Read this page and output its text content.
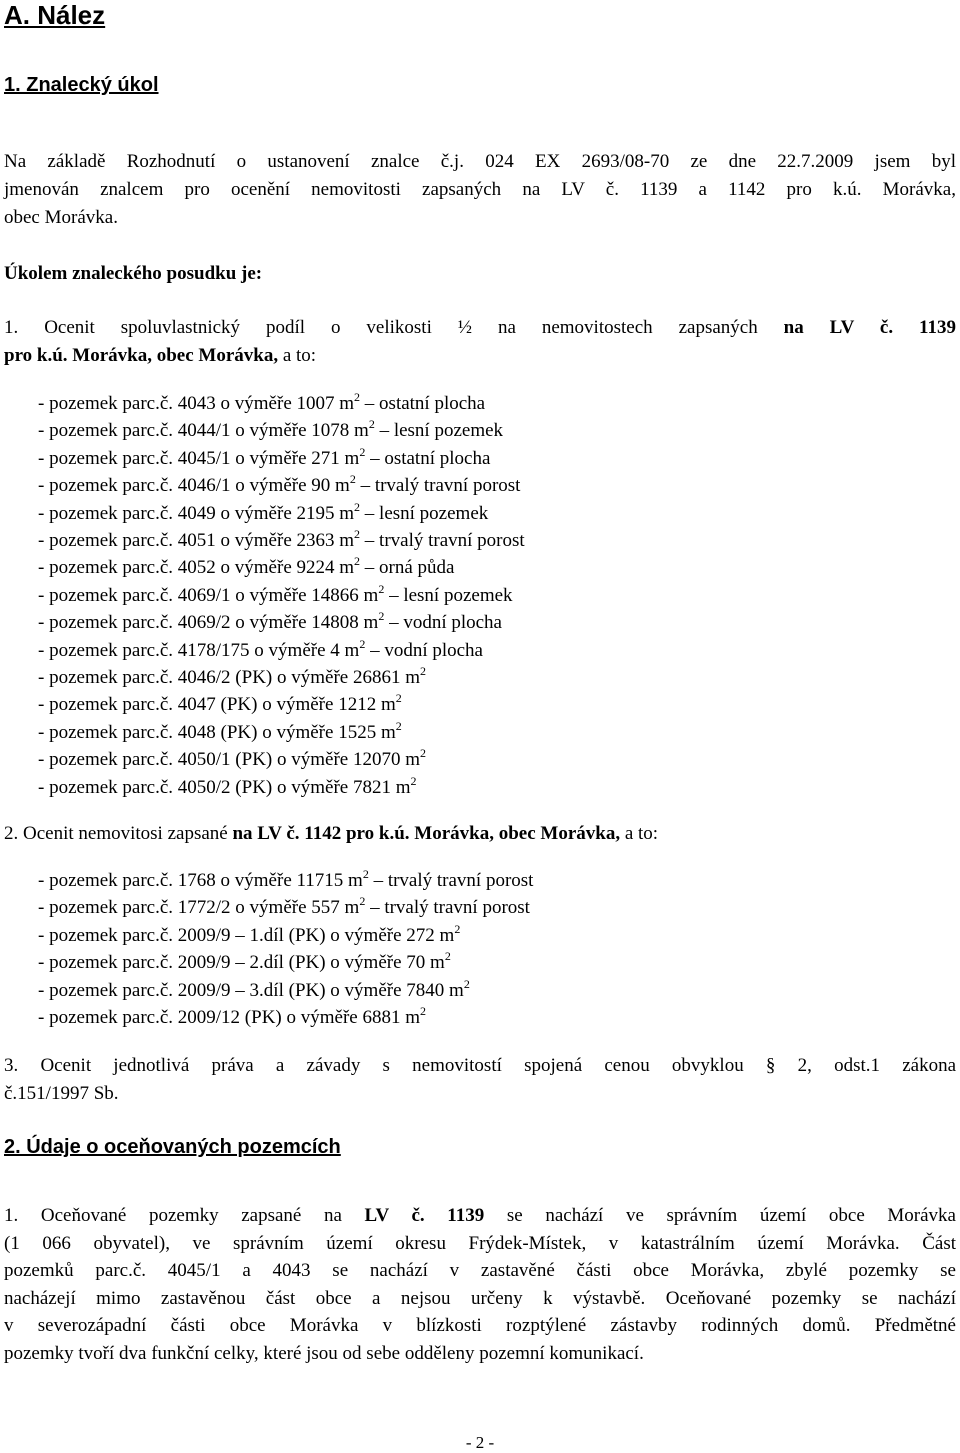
A. Nález
1. Znalecký úkol
Na základě Rozhodnutí o ustanovení znalce č.j. 024 EX 2693/08-70 ze dne 22.7.2009 jsem byl
jmenován znalcem pro ocenění nemovitosti zapsaných na LV č. 1139 a 1142 pro k.ú. Morávka,
obec Morávka.
Úkolem znaleckého posudku je:
1. Ocenit spoluvlastnický podíl o velikosti ½ na nemovitostech zapsaných na LV č. 1139
pro k.ú. Morávka, obec Morávka, a to:
- pozemek parc.č. 4043 o výměře 1007 $m^2$ – ostatní plocha
- pozemek parc.č. 4044/1 o výměře 1078 $m^2$ – lesní pozemek
- pozemek parc.č. 4045/1 o výměře 271 $m^2$ – ostatní plocha
- pozemek parc.č. 4046/1 o výměře 90 $m^2$ – trvalý travní porost
- pozemek parc.č. 4049 o výměře 2195 $m^2$ – lesní pozemek
- pozemek parc.č. 4051 o výměře 2363 $m^2$ – trvalý travní porost
- pozemek parc.č. 4052 o výměře 9224 $m^2$ – orná půda
- pozemek parc.č. 4069/1 o výměře 14866 $m^2$ – lesní pozemek
- pozemek parc.č. 4069/2 o výměře 14808 $m^2$ – vodní plocha
- pozemek parc.č. 4178/175 o výměře 4 $m^2$ – vodní plocha
- pozemek parc.č. 4046/2 (PK) o výměře 26861 $m^2$
- pozemek parc.č. 4047 (PK) o výměře 1212 $m^2$
- pozemek parc.č. 4048 (PK) o výměře 1525 $m^2$
- pozemek parc.č. 4050/1 (PK) o výměře 12070 $m^2$
- pozemek parc.č. 4050/2 (PK) o výměře 7821 $m^2$
2. Ocenit nemovitosi zapsané na LV č. 1142 pro k.ú. Morávka, obec Morávka, a to:
- pozemek parc.č. 1768 o výměře 11715 $m^2$ – trvalý travní porost
- pozemek parc.č. 1772/2 o výměře 557 $m^2$ – trvalý travní porost
- pozemek parc.č. 2009/9 – 1.díl (PK) o výměře 272 $m^2$
- pozemek parc.č. 2009/9 – 2.díl (PK) o výměře 70 $m^2$
- pozemek parc.č. 2009/9 – 3.díl (PK) o výměře 7840 $m^2$
- pozemek parc.č. 2009/12 (PK) o výměře 6881 $m^2$
3. Ocenit jednotlivá práva a závady s nemovitostí spojená cenou obvyklou § 2, odst.1 zákona
č.151/1997 Sb.
2. Údaje o oceňovaných pozemcích
1. Oceňované pozemky zapsané na LV č. 1139 se nachází ve správním území obce Morávka
(1 066 obyvatel), ve správním území okresu Frýdek-Místek, v katastrálním území Morávka. Část
pozemků parc.č. 4045/1 a 4043 se nachází v zastavěné části obce Morávka, zbylé pozemky se
nacházejí mimo zastavěnou část obce a nejsou určeny k výstavbě. Oceňované pozemky se nachází
v severozápadní části obce Morávka v blízkosti rozptýlené zástavby rodinných domů. Předmětné
pozemky tvoří dva funkční celky, které jsou od sebe odděleny pozemní komunikací.
- 2 -
